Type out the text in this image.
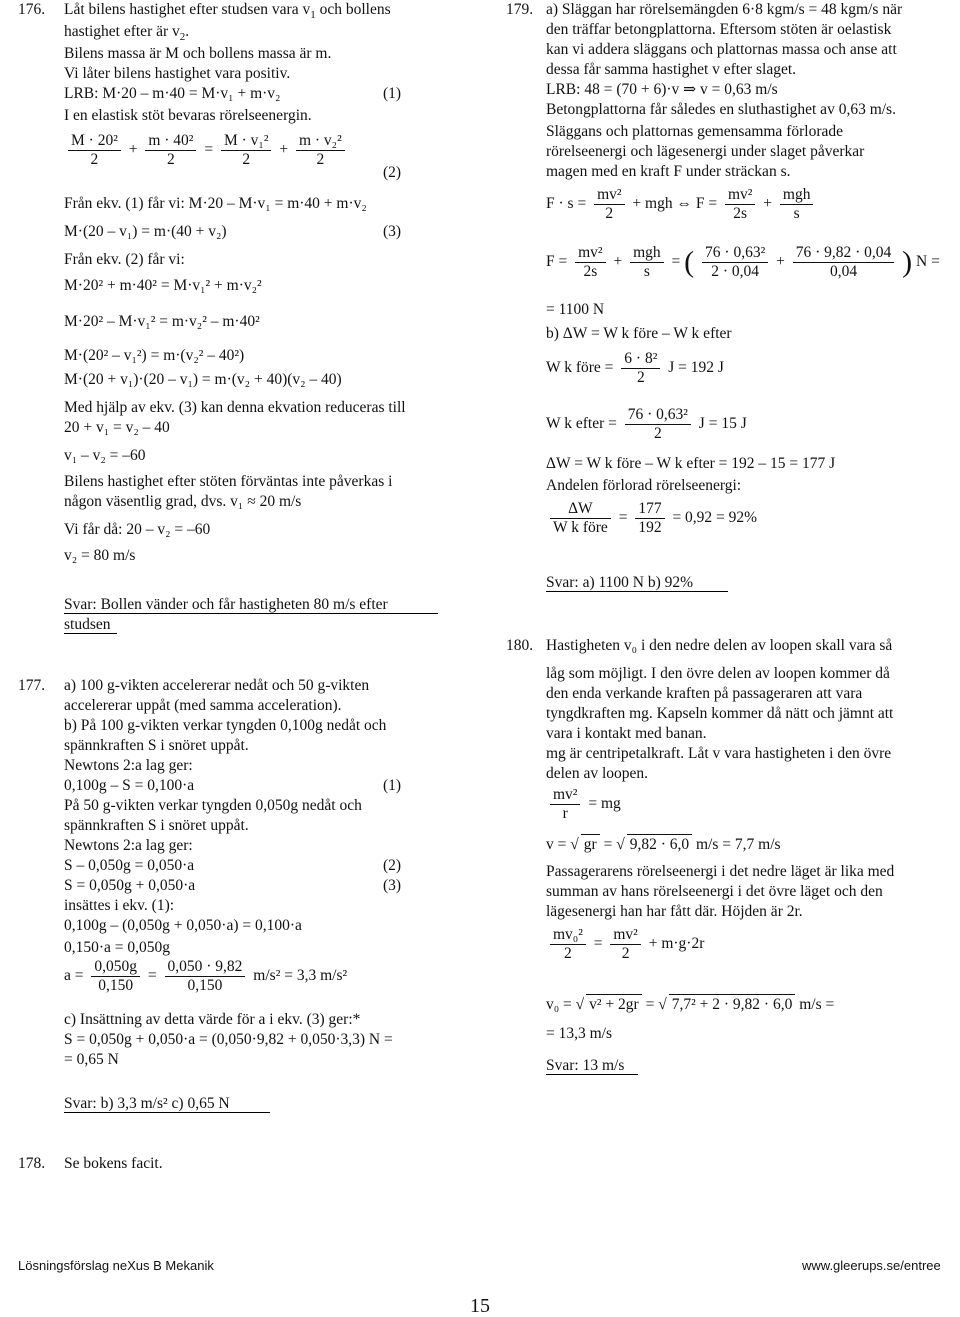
176. Låt bilens hastighet efter studsen vara $v_1$ och bollens
hastighet efter är $v_2$.
Bilens massa är M och bollens massa är m.
Vi låter bilens hastighet vara positiv.
LRB: M·20 – m·40 = M·v₁ + m·v₂	(1)
I en elastisk stöt bevaras rörelseenergin.
$\frac{\text{M · 20²}}{2} + \frac{\text{m · 40²}}{2} = \frac{\text{M · v₁²}}{2} + \frac{\text{m · v₂²}}{2}$
(2)
Från ekv. (1) får vi: M·20 – M·v₁ = m·40 + m·v₂
M·(20 – v₁) = m·(40 + v₂)	(3)
Från ekv. (2) får vi:
M·20² + m·40² = M·v₁² + m·v₂²
M·20² – M·v₁² = m·v₂² – m·40²
M·(20² – v₁²) = m·(v₂² – 40²)
M·(20 + v₁)·(20 – v₁) = m·(v₂ + 40)(v₂ – 40)
Med hjälp av ekv. (3) kan denna ekvation reduceras till
20 + v₁ = v₂ – 40
v₁ – v₂ = –60
Bilens hastighet efter stöten förväntas inte påverkas i
någon väsentlig grad, dvs. v₁ ≈ 20 m/s
Vi får då: 20 – v₂ = –60
v₂ = 80 m/s
Svar: Bollen vänder och får hastigheten 80 m/s efter
studsen
177. a) 100 g-vikten accelererar nedåt och 50 g-vikten
accelererar uppåt (med samma acceleration).
b) På 100 g-vikten verkar tyngden 0,100g nedåt och
spännkraften S i snöret uppåt.
Newtons 2:a lag ger:
0,100g – S = 0,100·a	(1)
På 50 g-vikten verkar tyngden 0,050g nedåt och
spännkraften S i snöret uppåt.
Newtons 2:a lag ger:
S – 0,050g = 0,050·a	(2)
S = 0,050g + 0,050·a	(3)
insättes i ekv. (1):
0,100g – (0,050g + 0,050·a) = 0,100·a
0,150·a = 0,050g
$a = \frac{0,050g}{0,150} = \frac{0,050 \cdot 9,82}{0,150} m/s^2 = 3,3$ m/s²
c) Insättning av detta värde för a i ekv. (3) ger:*
S = 0,050g + 0,050·a = (0,050·9,82 + 0,050·3,3) N =
= 0,65 N
Svar: b) 3,3 m/s² c) 0,65 N
178. Se bokens facit.
179. a) Släggan har rörelsemängden 6·8 kgm/s = 48 kgm/s när
den träffar betongplattorna. Eftersom stöten är oelastisk
kan vi addera släggans och plattornas massa och anse att
dessa får samma hastighet v efter slaget.
LRB: 48 = (70 + 6)·v ⇒ v = 0,63 m/s
Betongplattorna får således en sluthastighet av 0,63 m/s.
Släggans och plattornas gemensamma förlorade
rörelseenergi och lägesenergi under slaget påverkar
magen med en kraft F under sträckan s.
$F \cdot s = \frac{\text{mv²}}{2}$ + mgh ⇔ $F = \frac{\text{mv²}}{2s} + \frac{\text{mgh}}{s}$
$F = \frac{\text{mv²}}{2s} + \frac{\text{mgh}}{s}$ = ( $\frac{\text{76 · 0,63²}}{2 \cdot 0,04} + \frac{76 \cdot 9,82 \cdot 0,04}{0,04}$ ) N =
= 1100 N
b) ΔW = W k före – W k efter
W k före = $\frac{\text{6 · 8²}}{2}$ J = 192 J
W k efter = $\frac{\text{76 · 0,63²}}{2}$ J = 15 J
ΔW = W k före – W k efter = 192 – 15 = 177 J
Andelen förlorad rörelseenergi:
$\frac{\Delta W}{\text{W k före}} = \frac{177}{192} = 0,92 = 92\%$
Svar: a) 1100 N b) 92%
180. Hastigheten v₀ i den nedre delen av loopen skall vara så
låg som möjligt. I den övre delen av loopen kommer då
den enda verkande kraften på passageraren att vara
tyngdkraften mg. Kapseln kommer då nätt och jämnt att
vara i kontakt med banan.
mg är centripetalkraft. Låt v vara hastigheten i den övre
delen av loopen.
$\frac{\text{mv²}}{r}$ = mg
v = √ gr = √ 9,82 · 6,0 m/s = 7,7 m/s
Passagerarens rörelseenergi i det nedre läget är lika med
summan av hans rörelseenergi i det övre läget och den
lägesenergi han har fått där. Höjden är 2r.
$\frac{\text{mv₀²}}{2} = \frac{\text{mv²}}{2} + m\cdot g\cdot 2r$
v₀ = √ v² + 2gr = √ 7,7² + 2 · 9,82 · 6,0 m/s =
= 13,3 m/s
Svar: 13 m/s
Lösningsförslag neXus B Mekanik	www.gleerups.se/entree
15
